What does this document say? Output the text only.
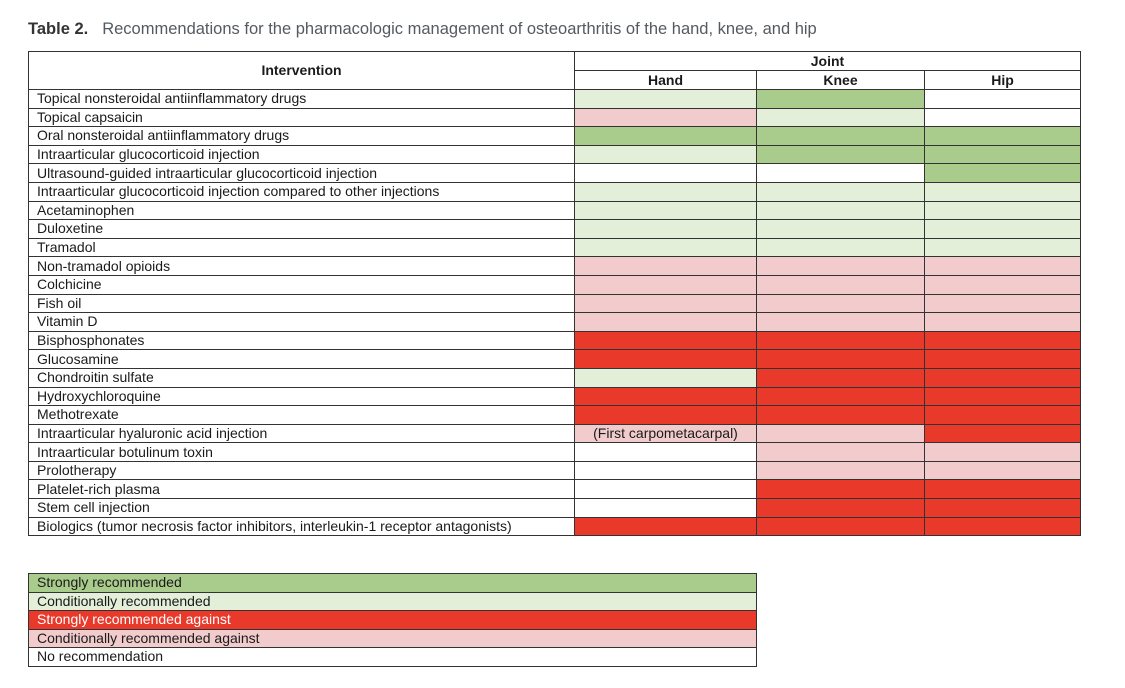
Table 2. Recommendations for the pharmacologic management of osteoarthritis of the hand, knee, and hip
Intervention	Joint		
	Hand	Knee	Hip
Topical nonsteroidal antiinflammatory drugs			
Topical capsaicin			
Oral nonsteroidal antiinflammatory drugs			
Intraarticular glucocorticoid injection			
Ultrasound-guided intraarticular glucocorticoid injection			
Intraarticular glucocorticoid injection compared to other injections			
Acetaminophen			
Duloxetine			
Tramadol			
Non-tramadol opioids			
Colchicine			
Fish oil			
Vitamin D			
Bisphosphonates			
Glucosamine			
Chondroitin sulfate			
Hydroxychloroquine			
Methotrexate			
Intraarticular hyaluronic acid injection	(First carpometacarpal)		
Intraarticular botulinum toxin			
Prolotherapy			
Platelet-rich plasma			
Stem cell injection			
Biologics (tumor necrosis factor inhibitors, interleukin-1 receptor antagonists)			
Strongly recommended
Conditionally recommended
Strongly recommended against
Conditionally recommended against
No recommendation
